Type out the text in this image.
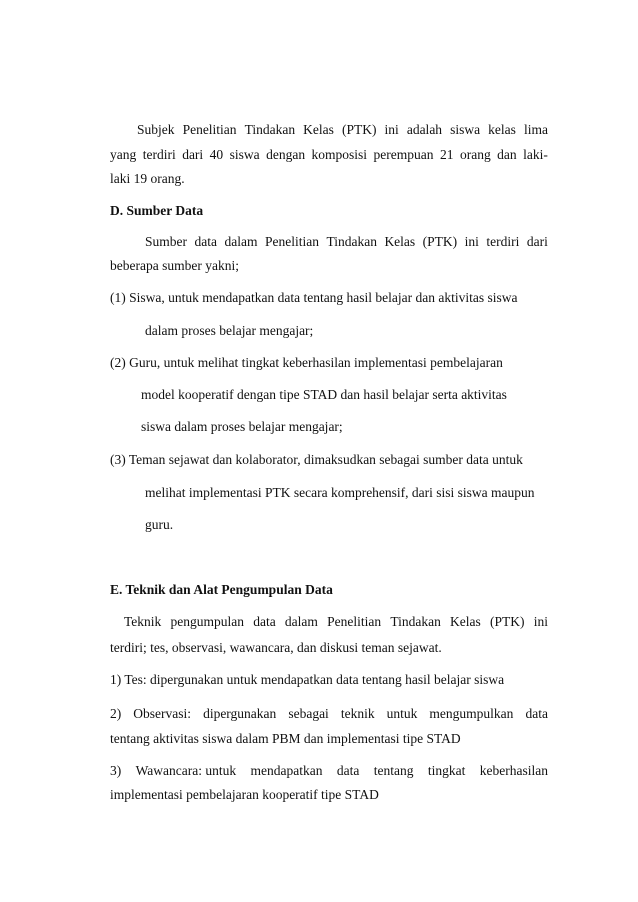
Subjek Penelitian Tindakan Kelas (PTK) ini adalah siswa kelas lima
yang terdiri dari 40 siswa dengan komposisi perempuan 21 orang dan laki-
laki 19 orang.
D. Sumber Data
Sumber data dalam Penelitian Tindakan Kelas (PTK) ini terdiri dari
beberapa sumber yakni;
(1) Siswa, untuk mendapatkan data tentang hasil belajar dan aktivitas siswa
dalam proses belajar mengajar;
(2) Guru, untuk melihat tingkat keberhasilan implementasi pembelajaran
model kooperatif dengan tipe STAD dan hasil belajar serta aktivitas
siswa dalam proses belajar mengajar;
(3) Teman sejawat dan kolaborator, dimaksudkan sebagai sumber data untuk
melihat implementasi PTK secara komprehensif, dari sisi siswa maupun
guru.
E. Teknik dan Alat Pengumpulan Data
Teknik pengumpulan data dalam Penelitian Tindakan Kelas (PTK) ini
terdiri; tes, observasi, wawancara, dan diskusi teman sejawat.
1) Tes: dipergunakan untuk mendapatkan data tentang hasil belajar siswa
2) Observasi: dipergunakan sebagai teknik untuk mengumpulkan data
tentang aktivitas siswa dalam PBM dan implementasi tipe STAD
3) Wawancara: untuk mendapatkan data tentang tingkat keberhasilan
implementasi pembelajaran kooperatif tipe STAD
